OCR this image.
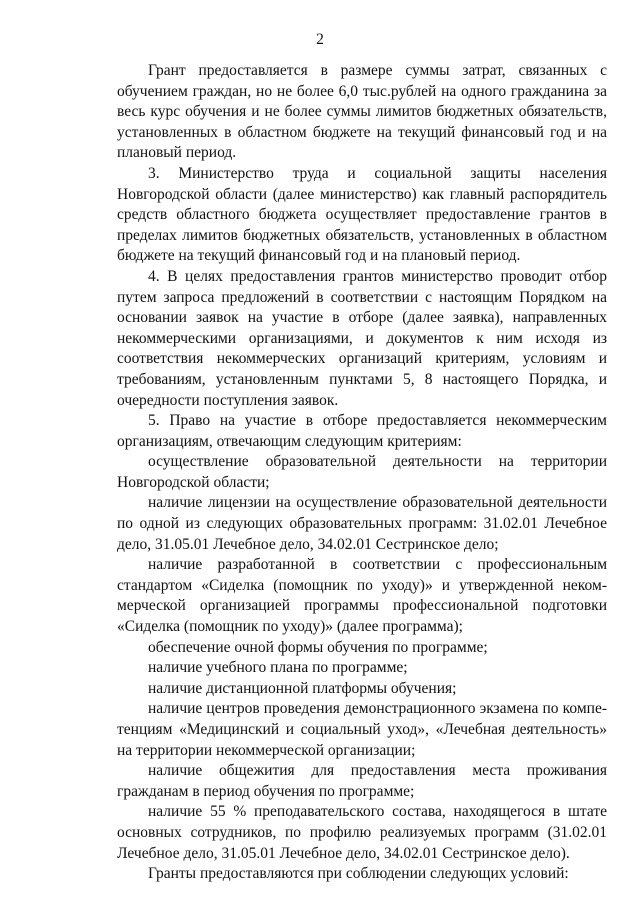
2

Грант предоставляется в размере суммы затрат, связанных с обучением граждан, но не более 6,0 тыс.рублей на одного гражданина за весь курс обучения и не более суммы лимитов бюджетных обязательств, установленных в областном бюджете на текущий финансовый год и на плановый период.

3. Министерство труда и социальной защиты населения Новгородской области (далее министерство) как главный распорядитель средств областного бюджета осуществляет предоставление грантов в пределах лимитов бюджетных обязательств, установленных в областном бюджете на текущий финансовый год и на плановый период.

4. В целях предоставления грантов министерство проводит отбор путем запроса предложений в соответствии с настоящим Порядком на основании заявок на участие в отборе (далее заявка), направленных некоммерческими организациями, и документов к ним исходя из соответствия некоммерческих организаций критериям, условиям и требованиям, установленным пунктами 5, 8 настоящего Порядка, и очередности поступления заявок.

5. Право на участие в отборе предоставляется некоммерческим организациям, отвечающим следующим критериям:

осуществление образовательной деятельности на территории Новгородской области;

наличие лицензии на осуществление образовательной деятельности по одной из следующих образовательных программ: 31.02.01 Лечебное дело, 31.05.01 Лечебное дело, 34.02.01 Сестринское дело;

наличие разработанной в соответствии с профессиональным стандартом «Сиделка (помощник по уходу)» и утвержденной некоммерческой организацией программы профессиональной подготовки «Сиделка (помощник по уходу)» (далее программа);

обеспечение очной формы обучения по программе;

наличие учебного плана по программе;

наличие дистанционной платформы обучения;

наличие центров проведения демонстрационного экзамена по компетенциям «Медицинский и социальный уход», «Лечебная деятельность» на территории некоммерческой организации;

наличие общежития для предоставления места проживания гражданам в период обучения по программе;

наличие 55 % преподавательского состава, находящегося в штате основных сотрудников, по профилю реализуемых программ (31.02.01 Лечебное дело, 31.05.01 Лечебное дело, 34.02.01 Сестринское дело).

Гранты предоставляются при соблюдении следующих условий:
